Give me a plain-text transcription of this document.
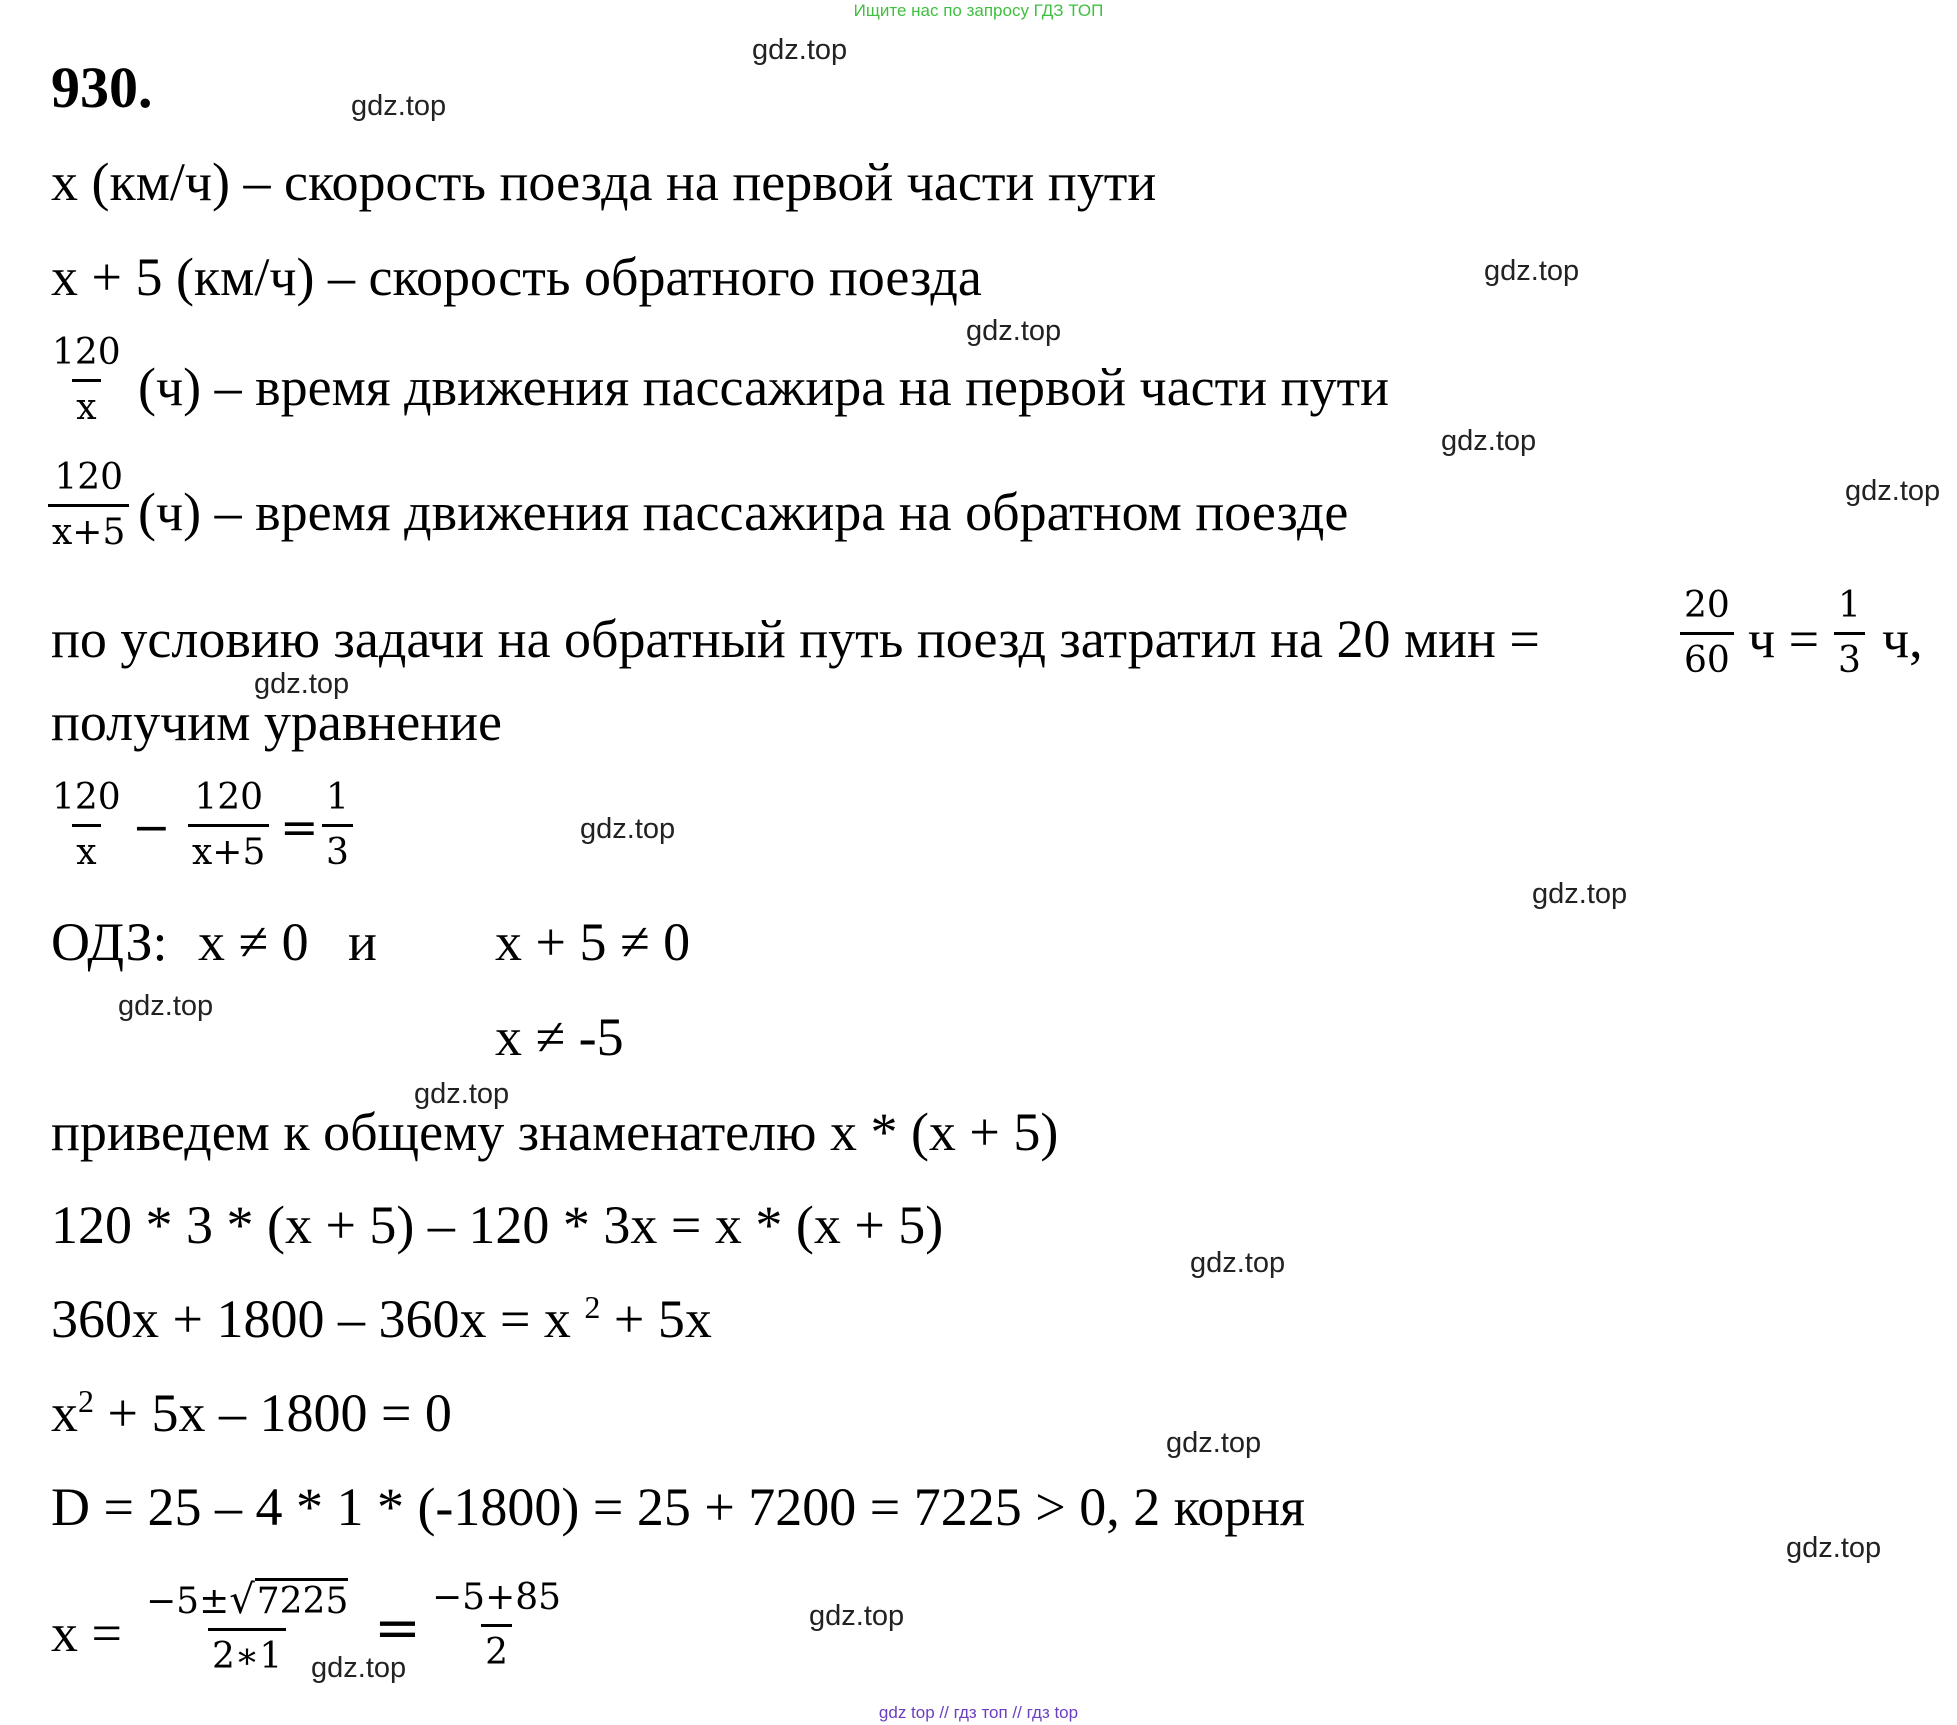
Ищите нас по запросу ГДЗ ТОП
930.
x (км/ч) – скорость поезда на первой части пути
x + 5 (км/ч) – скорость обратного поезда
$\frac{120}{x} (ч)$ – время движения пассажира на первой части пути
$\frac{120}{x+5} (ч)$ – время движения пассажира на обратном поезде
по условию задачи на обратный путь поезд затратил на 20 мин =	$\frac{20}{60}$ $ч = \frac{1}{3} ч$,
получим уравнение
$\frac{120}{x} - \frac{120}{x+5} = \frac{1}{3}$
ОДЗ: x ≠ 0 и x + 5 ≠ 0
x ≠ -5
приведем к общему знаменателю x * (x + 5)
120 * 3 * (x + 5) – 120 * 3x = x * (x + 5)
360x + 1800 – 360x = x $^2$ + 5x
$x^2 + 5x - 1800 = 0$
D = 25 – 4 * 1 * (-1800) = 25 + 7200 = 7225 > 0, 2 корня
$x = \frac{-5\pm√7225}{2∗1} = \frac{-5+85}{2}$
gdz.top
gdz.top
gdz.top
gdz.top
gdz.top
gdz.top
gdz.top
gdz.top
gdz.top
gdz.top
gdz.top
gdz.top
gdz.top
gdz.top
gdz.top
gdz.top
gdz top // гдз топ // гдз top
